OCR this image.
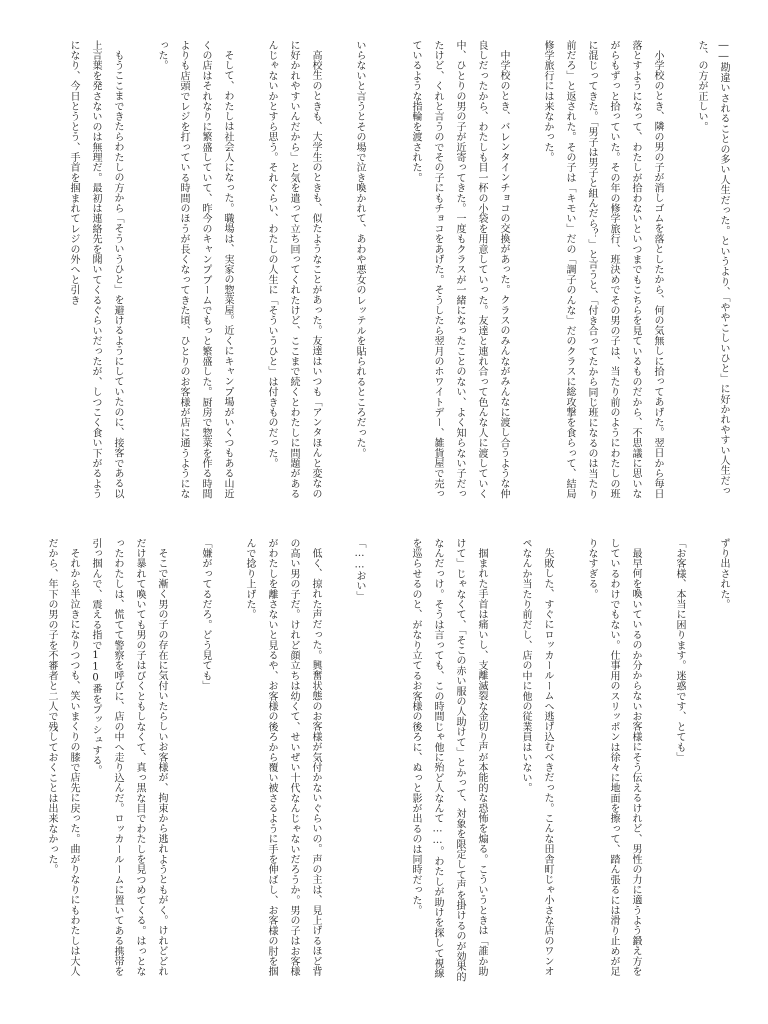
――勘違いされることの多い人生だった。というより、「ややこしいひと」に好かれやすい人生だった、の方が正しい。

小学校のとき、隣の男の子が消しゴムを落としたから、何の気無しに拾ってあげた。翌日から毎日落とすようになって、わたしが拾わないといつまでもこちらを見ているものだから、不思議に思いながらもずっと拾っていた。その年の修学旅行、班決めでその男の子は、当たり前のようにわたしの班に混じってきた。「男子は男子と組んだら？」と言うと、「付き合ってたから同じ班になるのは当たり前だろ」と返された。その子は「キモい」だの「調子のんな」だのクラスに総攻撃を食らって、結局修学旅行には来なかった。

中学校のとき、バレンタインチョコの交換があった。クラスのみんながみんなに渡し合うような仲良しだったから、わたしも目一杯の小袋を用意していった。友達と連れ合って色んな人に渡していく中、ひとりの男の子が近寄ってきた。一度もクラスが一緒になったことのない、よく知らない子だったけど、くれと言うのでその子にもチョコをあげた。そうしたら翌月のホワイトデー、雑貨屋で売っているような指輪を渡された。

いらないと言うとその場で泣き喚かれて、あわや悪女のレッテルを貼られるところだった。

高校生のときも、大学生のときも、似たようなことがあった。友達はいつも「アンタほんと変なのに好かれやすいんだから」と気を遣って立ち回ってくれたけど、ここまで続くとわたしに問題があるんじゃないかとすら思う。それぐらい、わたしの人生に「そういうひと」は付きものだった。

そして、わたしは社会人になった。職場は、実家の惣菜屋。近くにキャンプ場がいくつもある山近くの店はそれなりに繁盛していて、昨今のキャンプブームでもっと繁盛した。厨房で惣菜を作る時間よりも店頭でレジを打っている時間のほうが長くなってきた頃、ひとりのお客様が店に通うようになった。

もうここまできたらわたしの方から「そういうひと」を避けるようにしていたのに、接客である以上言葉を発さないのは無理だ。最初は連絡先を聞いてくるぐらいだったが、しつこく食い下がるようになり、今日とうとう、手首を掴まれてレジの外へと引き

ずり出された。

「お客様、本当に困ります。迷惑です、とても」

最早何を喚いているのか分からないお客様にそう伝えるけれど、男性の力に適うよう鍛え方をしているわけでもない。仕事用のスリッポンは徐々に地面を擦って、踏ん張るには滑り止めが足りなすぎる。

失敗した、すぐにロッカールームへ逃げ込むべきだった。こんな田舎町じゃ小さな店のワンオペなんか当たり前だし、店の中に他の従業員はいない。

掴まれた手首は痛いし、支離滅裂な金切り声が本能的な恐怖を煽る。こういうときは「誰か助けて」じゃなくて、「そこの赤い服の人助けて」とかって、対象を限定して声を掛けるのが効果的なんだっけ。そうは言っても、この時間じゃ他に殆ど人なんて……。わたしが助けを探して視線を巡らせるのと、がなり立てるお客様の後ろに、ぬっと影が出るのは同時だった。

「……おい」

低く、掠れた声だった。興奮状態のお客様が気付かないぐらいの。声の主は、見上げるほど背の高い男の子だ。けれど顔立ちは幼くて、せいぜい十代なんじゃないだろうか。男の子はお客様がわたしを離さないと見るや、お客様の後ろから覆い被さるように手を伸ばし、お客様の肘を掴んで捻り上げた。

「嫌がってるだろ。どう見ても」

そこで漸く男の子の存在に気付いたらしいお客様が、拘束から逃れようともがく。けれどどれだけ暴れて喚いても男の子はびくともしなくて、真っ黒な目でわたしを見つめてくる。はっとなったわたしは、慌てて警察を呼びに、店の中へ走り込んだ。ロッカールームに置いてある携帯を引っ掴んで、震える指で110番をプッシュする。

それから半泣きになりつつも、笑いまくりの膝で店先に戻った。曲がりなりにもわたしは大人だから、年下の男の子を不審者と二人で残しておくことは出来なかった。
